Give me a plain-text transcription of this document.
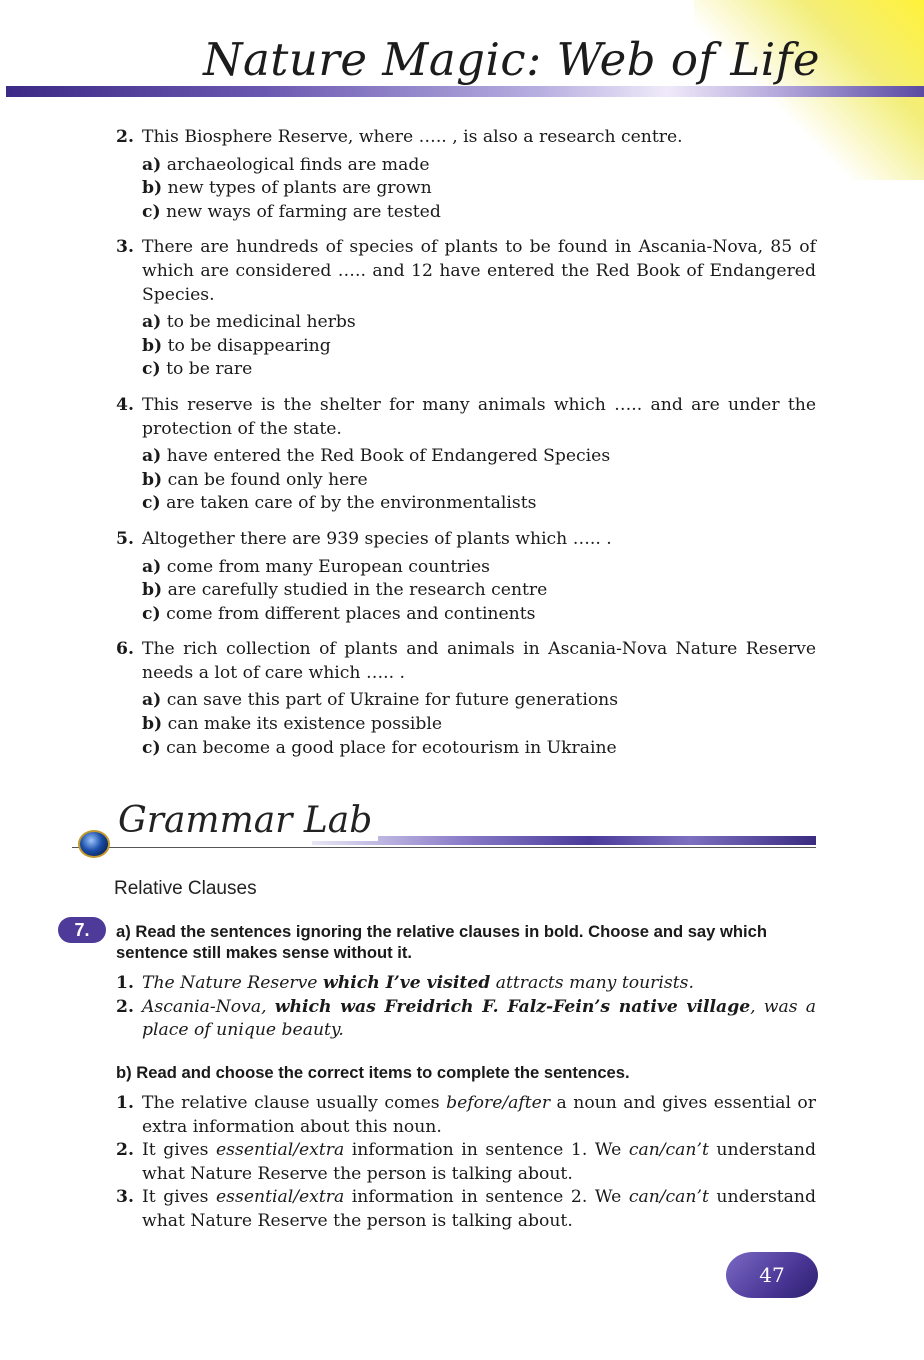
Nature Magic: Web of Life
2. This Biosphere Reserve, where ….. , is also a research centre.
a) archaeological finds are made
b) new types of plants are grown
c) new ways of farming are tested
3. There are hundreds of species of plants to be found in Ascania-Nova, 85 of which are considered ….. and 12 have entered the Red Book of Endangered Species.
a) to be medicinal herbs
b) to be disappearing
c) to be rare
4. This reserve is the shelter for many animals which ….. and are under the protection of the state.
a) have entered the Red Book of Endangered Species
b) can be found only here
c) are taken care of by the environmentalists
5. Altogether there are 939 species of plants which ….. .
a) come from many European countries
b) are carefully studied in the research centre
c) come from different places and continents
6. The rich collection of plants and animals in Ascania-Nova Nature Reserve needs a lot of care which ….. .
a) can save this part of Ukraine for future generations
b) can make its existence possible
c) can become a good place for ecotourism in Ukraine
Grammar Lab
Relative Clauses
7.	a) Read the sentences ignoring the relative clauses in bold. Choose and say which sentence still makes sense without it.
1. The Nature Reserve which I’ve visited attracts many tourists.
2. Ascania-Nova, which was Freidrich F. Falz-Fein’s native village, was a place of unique beauty.
b) Read and choose the correct items to complete the sentences.
1. The relative clause usually comes before/after a noun and gives essential or extra information about this noun.
2. It gives essential/extra information in sentence 1. We can/can’t understand what Nature Reserve the person is talking about.
3. It gives essential/extra information in sentence 2. We can/can’t understand what Nature Reserve the person is talking about.
47
